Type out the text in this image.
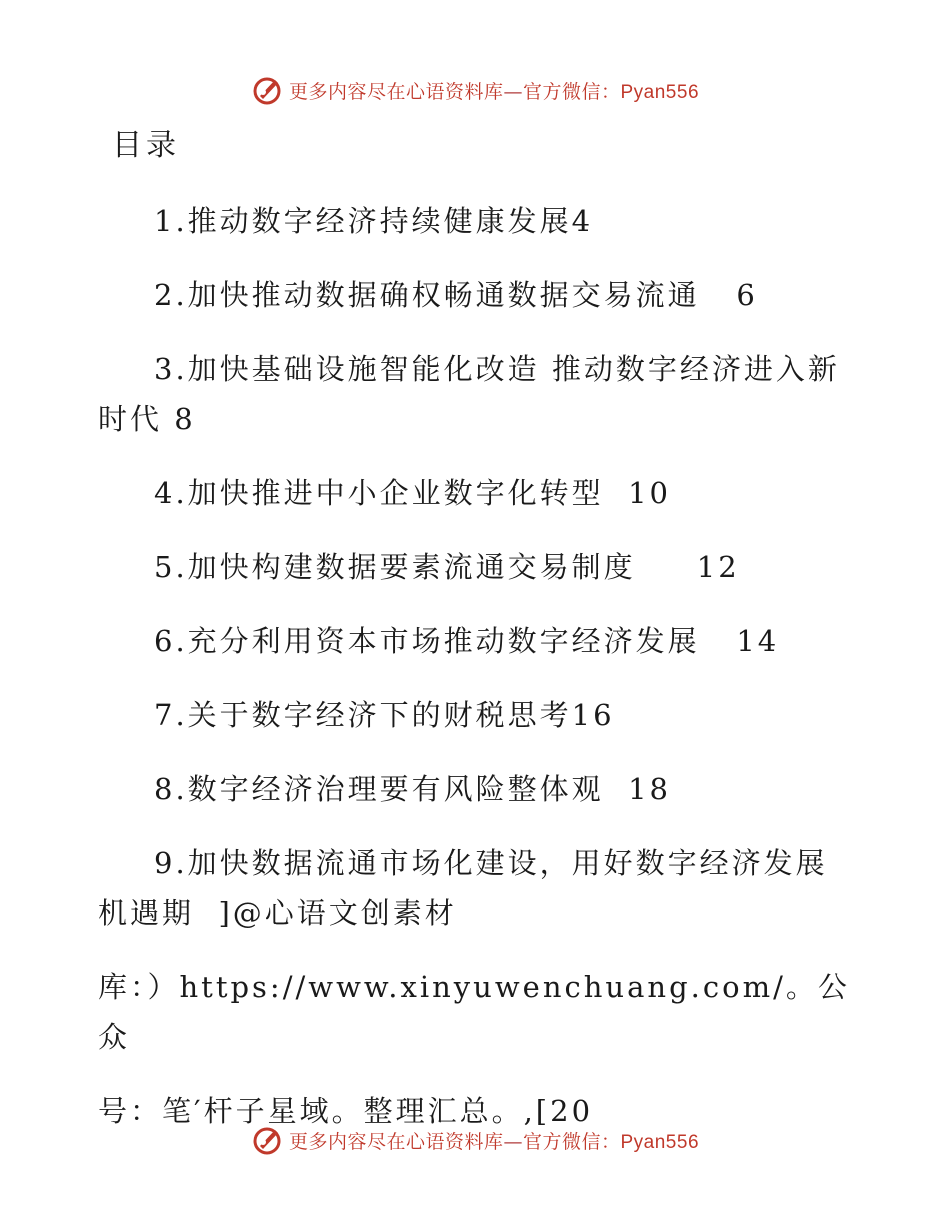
更多内容尽在心语资料库—官方微信：Pyan556
目录
1.推动数字经济持续健康发展4
2.加快推动数据确权畅通数据交易流通   6
3.加快基础设施智能化改造 推动数字经济进入新时代 8
4.加快推进中小企业数字化转型  10
5.加快构建数据要素流通交易制度     12
6.充分利用资本市场推动数字经济发展   14
7.关于数字经济下的财税思考16
8.数字经济治理要有风险整体观  18
9.加快数据流通市场化建设，用好数字经济发展机遇期  ]@心语文创素材
库：）https://www.xinyuwenchuang.com/。公众
号：笔′杆子星域。整理汇总。,[20
更多内容尽在心语资料库—官方微信：Pyan556
